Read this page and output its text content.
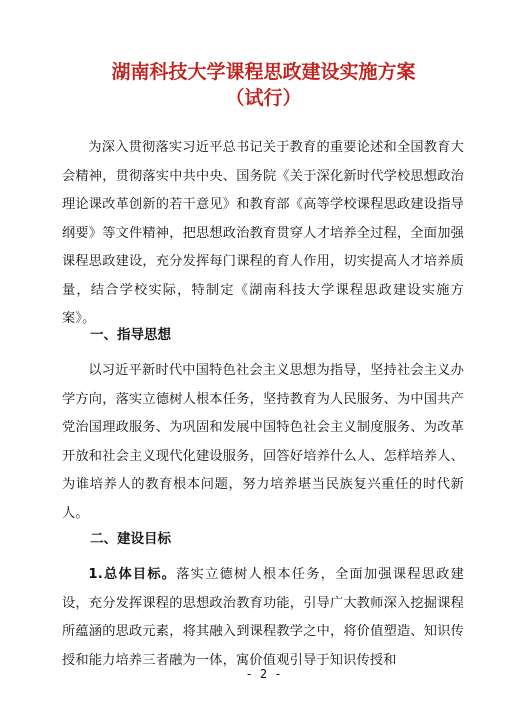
湖南科技大学课程思政建设实施方案
（试行）

为深入贯彻落实习近平总书记关于教育的重要论述和全国教育大会精神，贯彻落实中共中央、国务院《关于深化新时代学校思想政治理论课改革创新的若干意见》和教育部《高等学校课程思政建设指导纲要》等文件精神，把思想政治教育贯穿人才培养全过程，全面加强课程思政建设，充分发挥每门课程的育人作用，切实提高人才培养质量，结合学校实际，特制定《湖南科技大学课程思政建设实施方案》。

一、指导思想

以习近平新时代中国特色社会主义思想为指导，坚持社会主义办学方向，落实立德树人根本任务，坚持教育为人民服务、为中国共产党治国理政服务、为巩固和发展中国特色社会主义制度服务、为改革开放和社会主义现代化建设服务，回答好培养什么人、怎样培养人、为谁培养人的教育根本问题，努力培养堪当民族复兴重任的时代新人。

二、建设目标

1.总体目标。落实立德树人根本任务，全面加强课程思政建设，充分发挥课程的思想政治教育功能，引导广大教师深入挖掘课程所蕴涵的思政元素，将其融入到课程教学之中，将价值塑造、知识传授和能力培养三者融为一体，寓价值观引导于知识传授和

- 2 -
